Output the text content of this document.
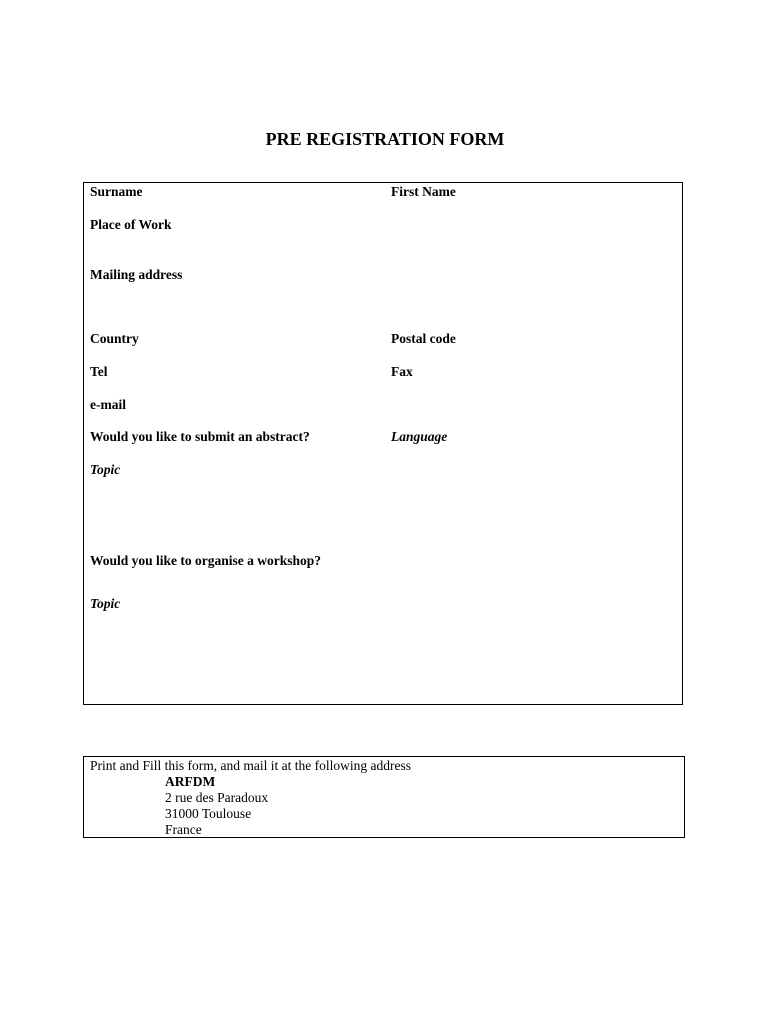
PRE REGISTRATION FORM
Surname	First Name
Place of Work
Mailing address
Country	Postal code
Tel	Fax
e-mail
Would you like to submit an abstract?	Language
Topic
Would you like to organise a workshop?
Topic
Print and Fill this form, and mail it at the following address
ARFDM
2 rue des Paradoux
31000 Toulouse
France
